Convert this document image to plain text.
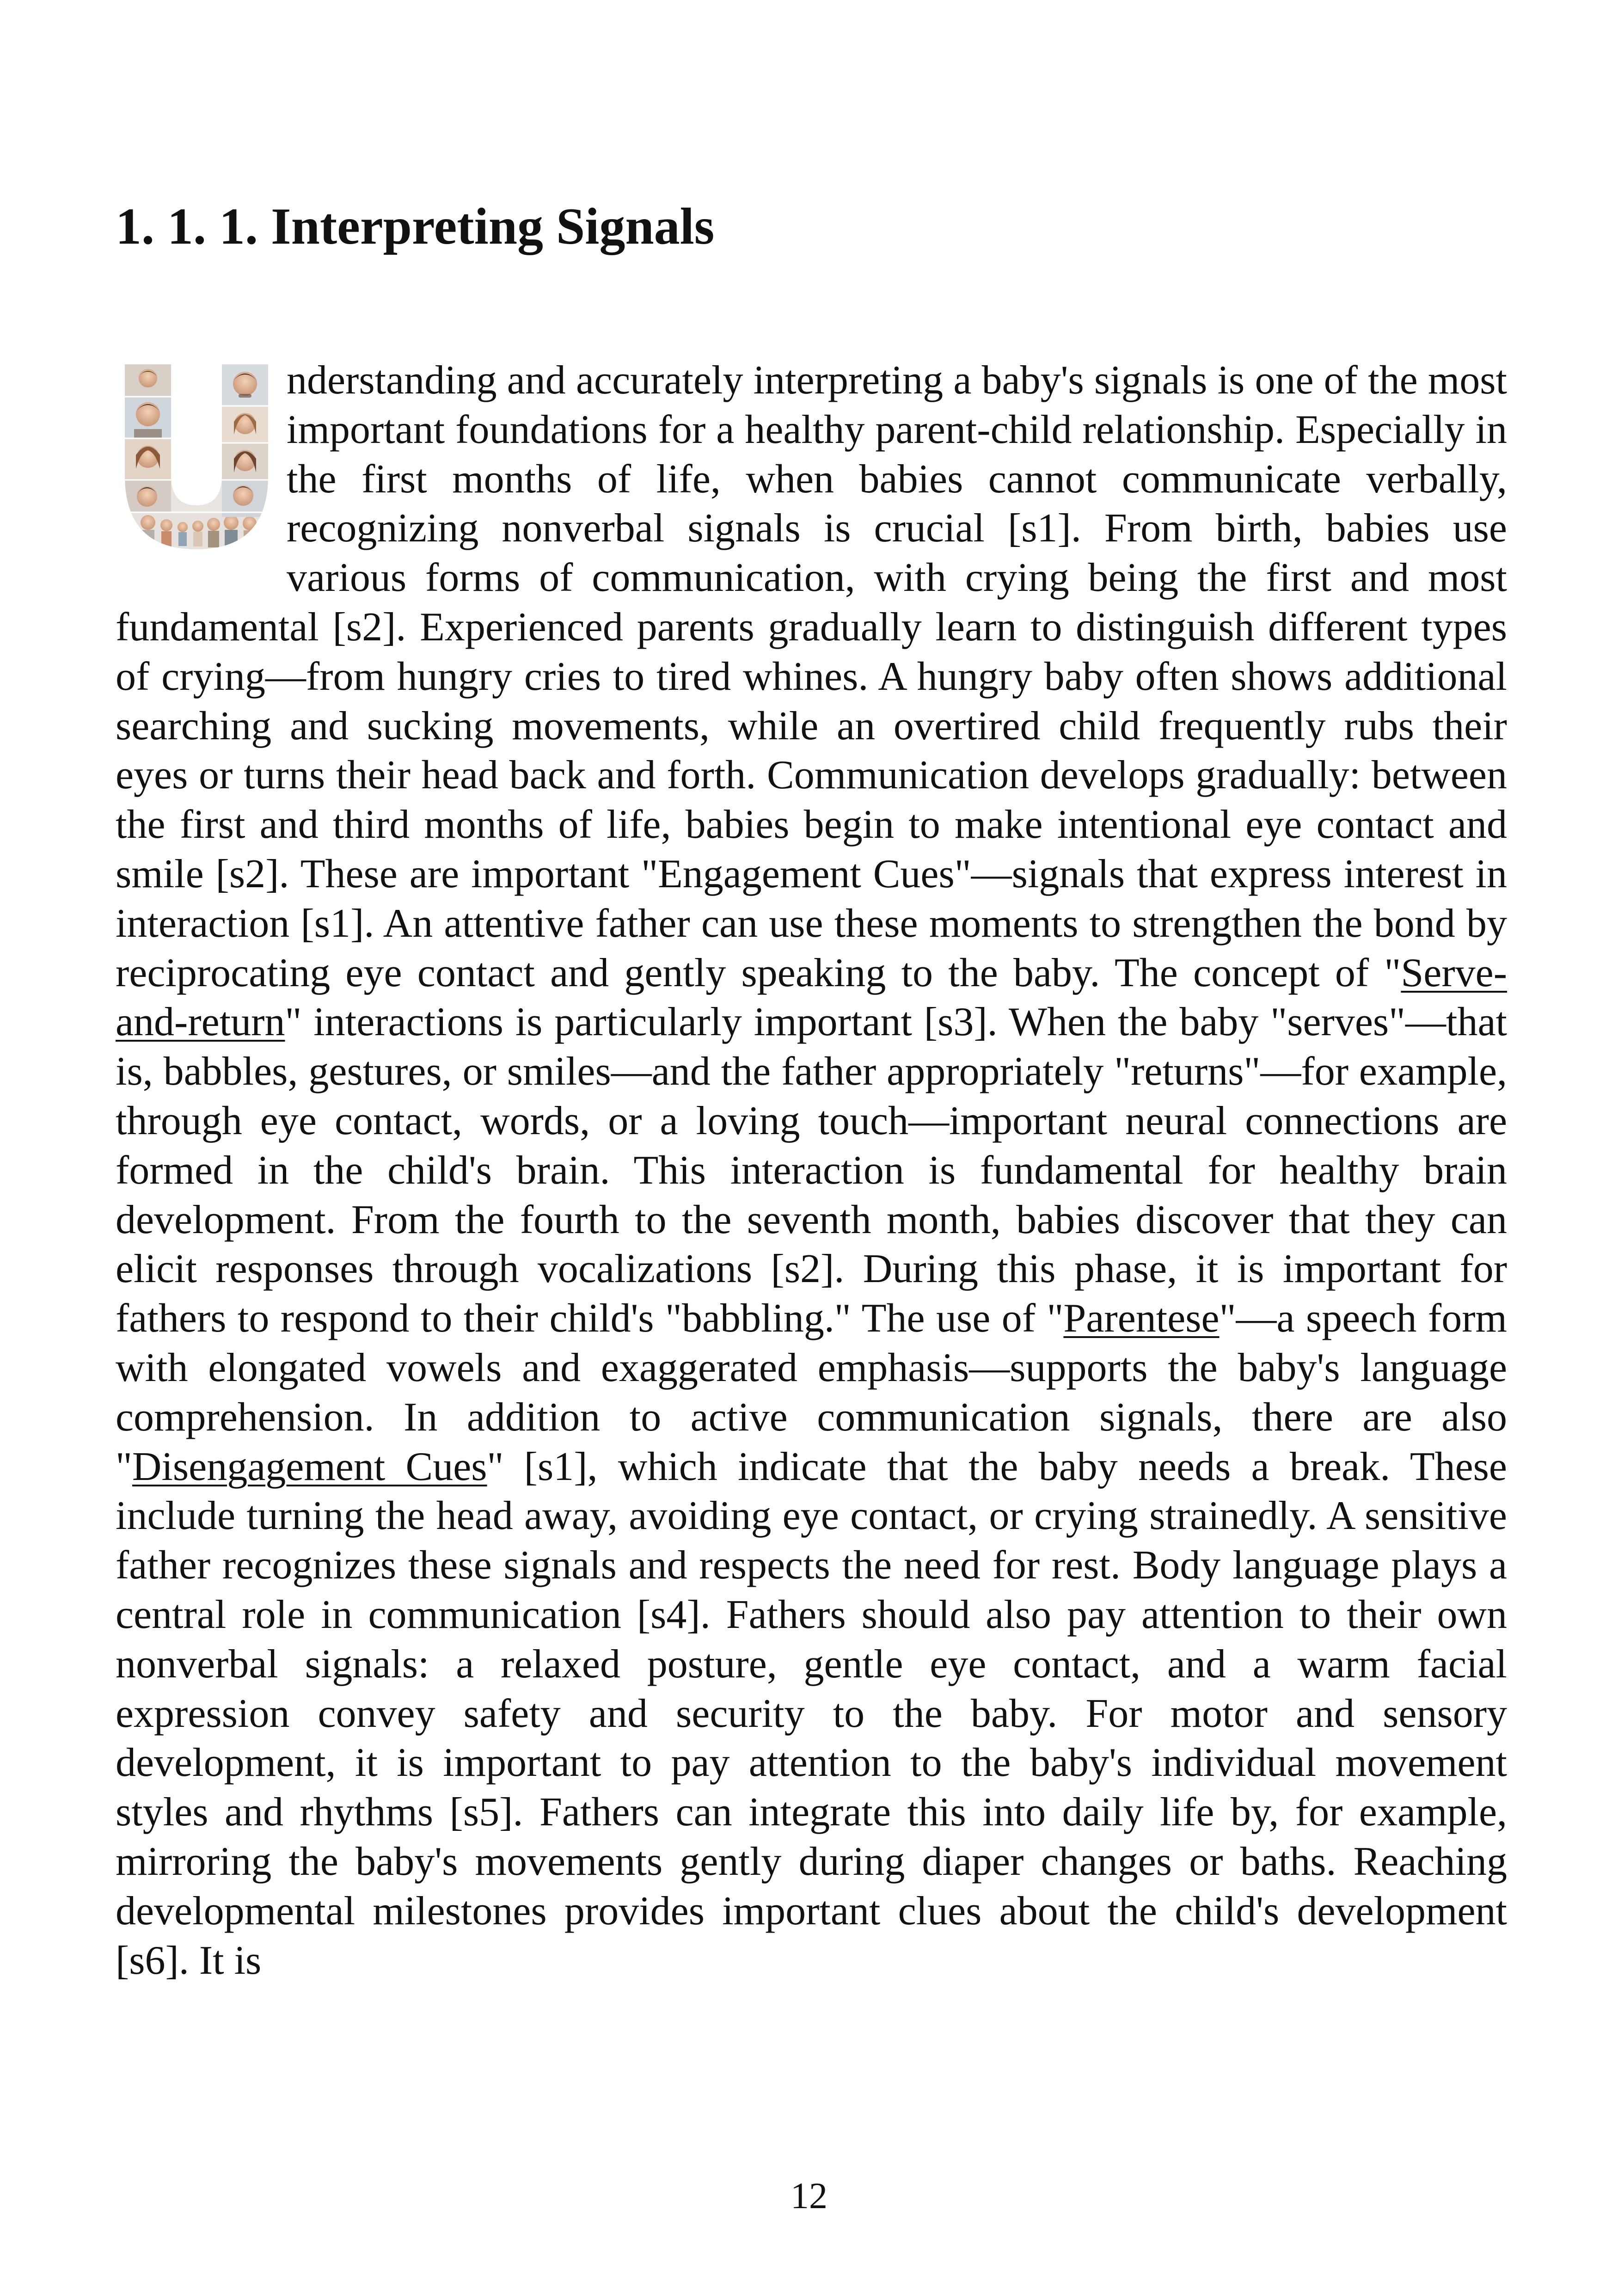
1. 1. 1. Interpreting Signals

nderstanding and accurately interpreting a baby's signals is one of the most important foundations for a healthy parent-child relationship. Especially in the first months of life, when babies cannot communicate verbally, recognizing nonverbal signals is crucial [s1]. From birth, babies use various forms of communication, with crying being the first and most fundamental [s2]. Experienced parents gradually learn to distinguish different types of crying—from hungry cries to tired whines. A hungry baby often shows additional searching and sucking movements, while an overtired child frequently rubs their eyes or turns their head back and forth. Communication develops gradually: between the first and third months of life, babies begin to make intentional eye contact and smile [s2]. These are important "Engagement Cues"—signals that express interest in interaction [s1]. An attentive father can use these moments to strengthen the bond by reciprocating eye contact and gently speaking to the baby. The concept of "Serve-and-return" interactions is particularly important [s3]. When the baby "serves"—that is, babbles, gestures, or smiles—and the father appropriately "returns"—for example, through eye contact, words, or a loving touch—important neural connections are formed in the child's brain. This interaction is fundamental for healthy brain development. From the fourth to the seventh month, babies discover that they can elicit responses through vocalizations [s2]. During this phase, it is important for fathers to respond to their child's "babbling." The use of "Parentese"—a speech form with elongated vowels and exaggerated emphasis—supports the baby's language comprehension. In addition to active communication signals, there are also "Disengagement Cues" [s1], which indicate that the baby needs a break. These include turning the head away, avoiding eye contact, or crying strainedly. A sensitive father recognizes these signals and respects the need for rest. Body language plays a central role in communication [s4]. Fathers should also pay attention to their own nonverbal signals: a relaxed posture, gentle eye contact, and a warm facial expression convey safety and security to the baby. For motor and sensory development, it is important to pay attention to the baby's individual movement styles and rhythms [s5]. Fathers can integrate this into daily life by, for example, mirroring the baby's movements gently during diaper changes or baths. Reaching developmental milestones provides important clues about the child's development [s6]. It is

12
